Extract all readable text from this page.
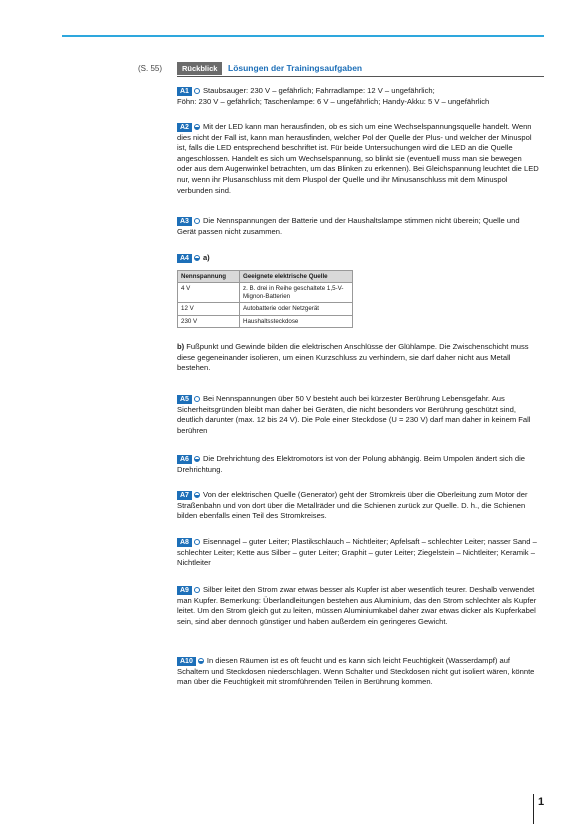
(S. 55)	Rückblick	Lösungen der Trainingsaufgaben
A1 Staubsauger: 230 V – gefährlich; Fahrradlampe: 12 V – ungefährlich;
Föhn: 230 V – gefährlich; Taschenlampe: 6 V – ungefährlich; Handy-Akku: 5 V – ungefährlich
A2 Mit der LED kann man herausfinden, ob es sich um eine Wechselspannungsquelle handelt. Wenn dies nicht der Fall ist, kann man herausfinden, welcher Pol der Quelle der Plus- und welcher der Minuspol ist, falls die LED entsprechend beschriftet ist. Für beide Untersuchungen wird die LED an die Quelle angeschlossen. Handelt es sich um Wechselspannung, so blinkt sie (eventuell muss man sie bewegen oder aus dem Augenwinkel betrachten, um das Blinken zu erkennen). Bei Gleichspannung leuchtet die LED nur, wenn ihr Plusanschluss mit dem Pluspol der Quelle und ihr Minusanschluss mit dem Minuspol verbunden sind.
A3 Die Nennspannungen der Batterie und der Haushaltslampe stimmen nicht überein; Quelle und Gerät passen nicht zusammen.
A4 a)
Nennspannung	Geeignete elektrische Quelle
4 V	z. B. drei in Reihe geschaltete 1,5-V-Mignon-Batterien
12 V	Autobatterie oder Netzgerät
230 V	Haushaltssteckdose
b) Fußpunkt und Gewinde bilden die elektrischen Anschlüsse der Glühlampe. Die Zwischenschicht muss diese gegeneinander isolieren, um einen Kurzschluss zu verhindern, sie darf daher nicht aus Metall bestehen.
A5 Bei Nennspannungen über 50 V besteht auch bei kürzester Berührung Lebensgefahr. Aus Sicherheitsgründen bleibt man daher bei Geräten, die nicht besonders vor Berührung geschützt sind, deutlich darunter (max. 12 bis 24 V). Die Pole einer Steckdose (U = 230 V) darf man daher in keinem Fall berühren
A6 Die Drehrichtung des Elektromotors ist von der Polung abhängig. Beim Umpolen ändert sich die Drehrichtung.
A7 Von der elektrischen Quelle (Generator) geht der Stromkreis über die Oberleitung zum Motor der Straßenbahn und von dort über die Metallräder und die Schienen zurück zur Quelle. D. h., die Schienen bilden ebenfalls einen Teil des Stromkreises.
A8 Eisennagel – guter Leiter; Plastikschlauch – Nichtleiter; Apfelsaft – schlechter Leiter; nasser Sand – schlechter Leiter; Kette aus Silber – guter Leiter; Graphit – guter Leiter; Ziegelstein – Nichtleiter; Keramik – Nichtleiter
A9 Silber leitet den Strom zwar etwas besser als Kupfer ist aber wesentlich teurer. Deshalb verwendet man Kupfer. Bemerkung: Überlandleitungen bestehen aus Aluminium, das den Strom schlechter als Kupfer leitet. Um den Strom gleich gut zu leiten, müssen Aluminiumkabel daher zwar etwas dicker als Kupferkabel sein, sind aber dennoch günstiger und haben außerdem ein geringeres Gewicht.
A10 In diesen Räumen ist es oft feucht und es kann sich leicht Feuchtigkeit (Wasserdampf) auf Schaltern und Steckdosen niederschlagen. Wenn Schalter und Steckdosen nicht gut isoliert wären, könnte man über die Feuchtigkeit mit stromführenden Teilen in Berührung kommen.
1
